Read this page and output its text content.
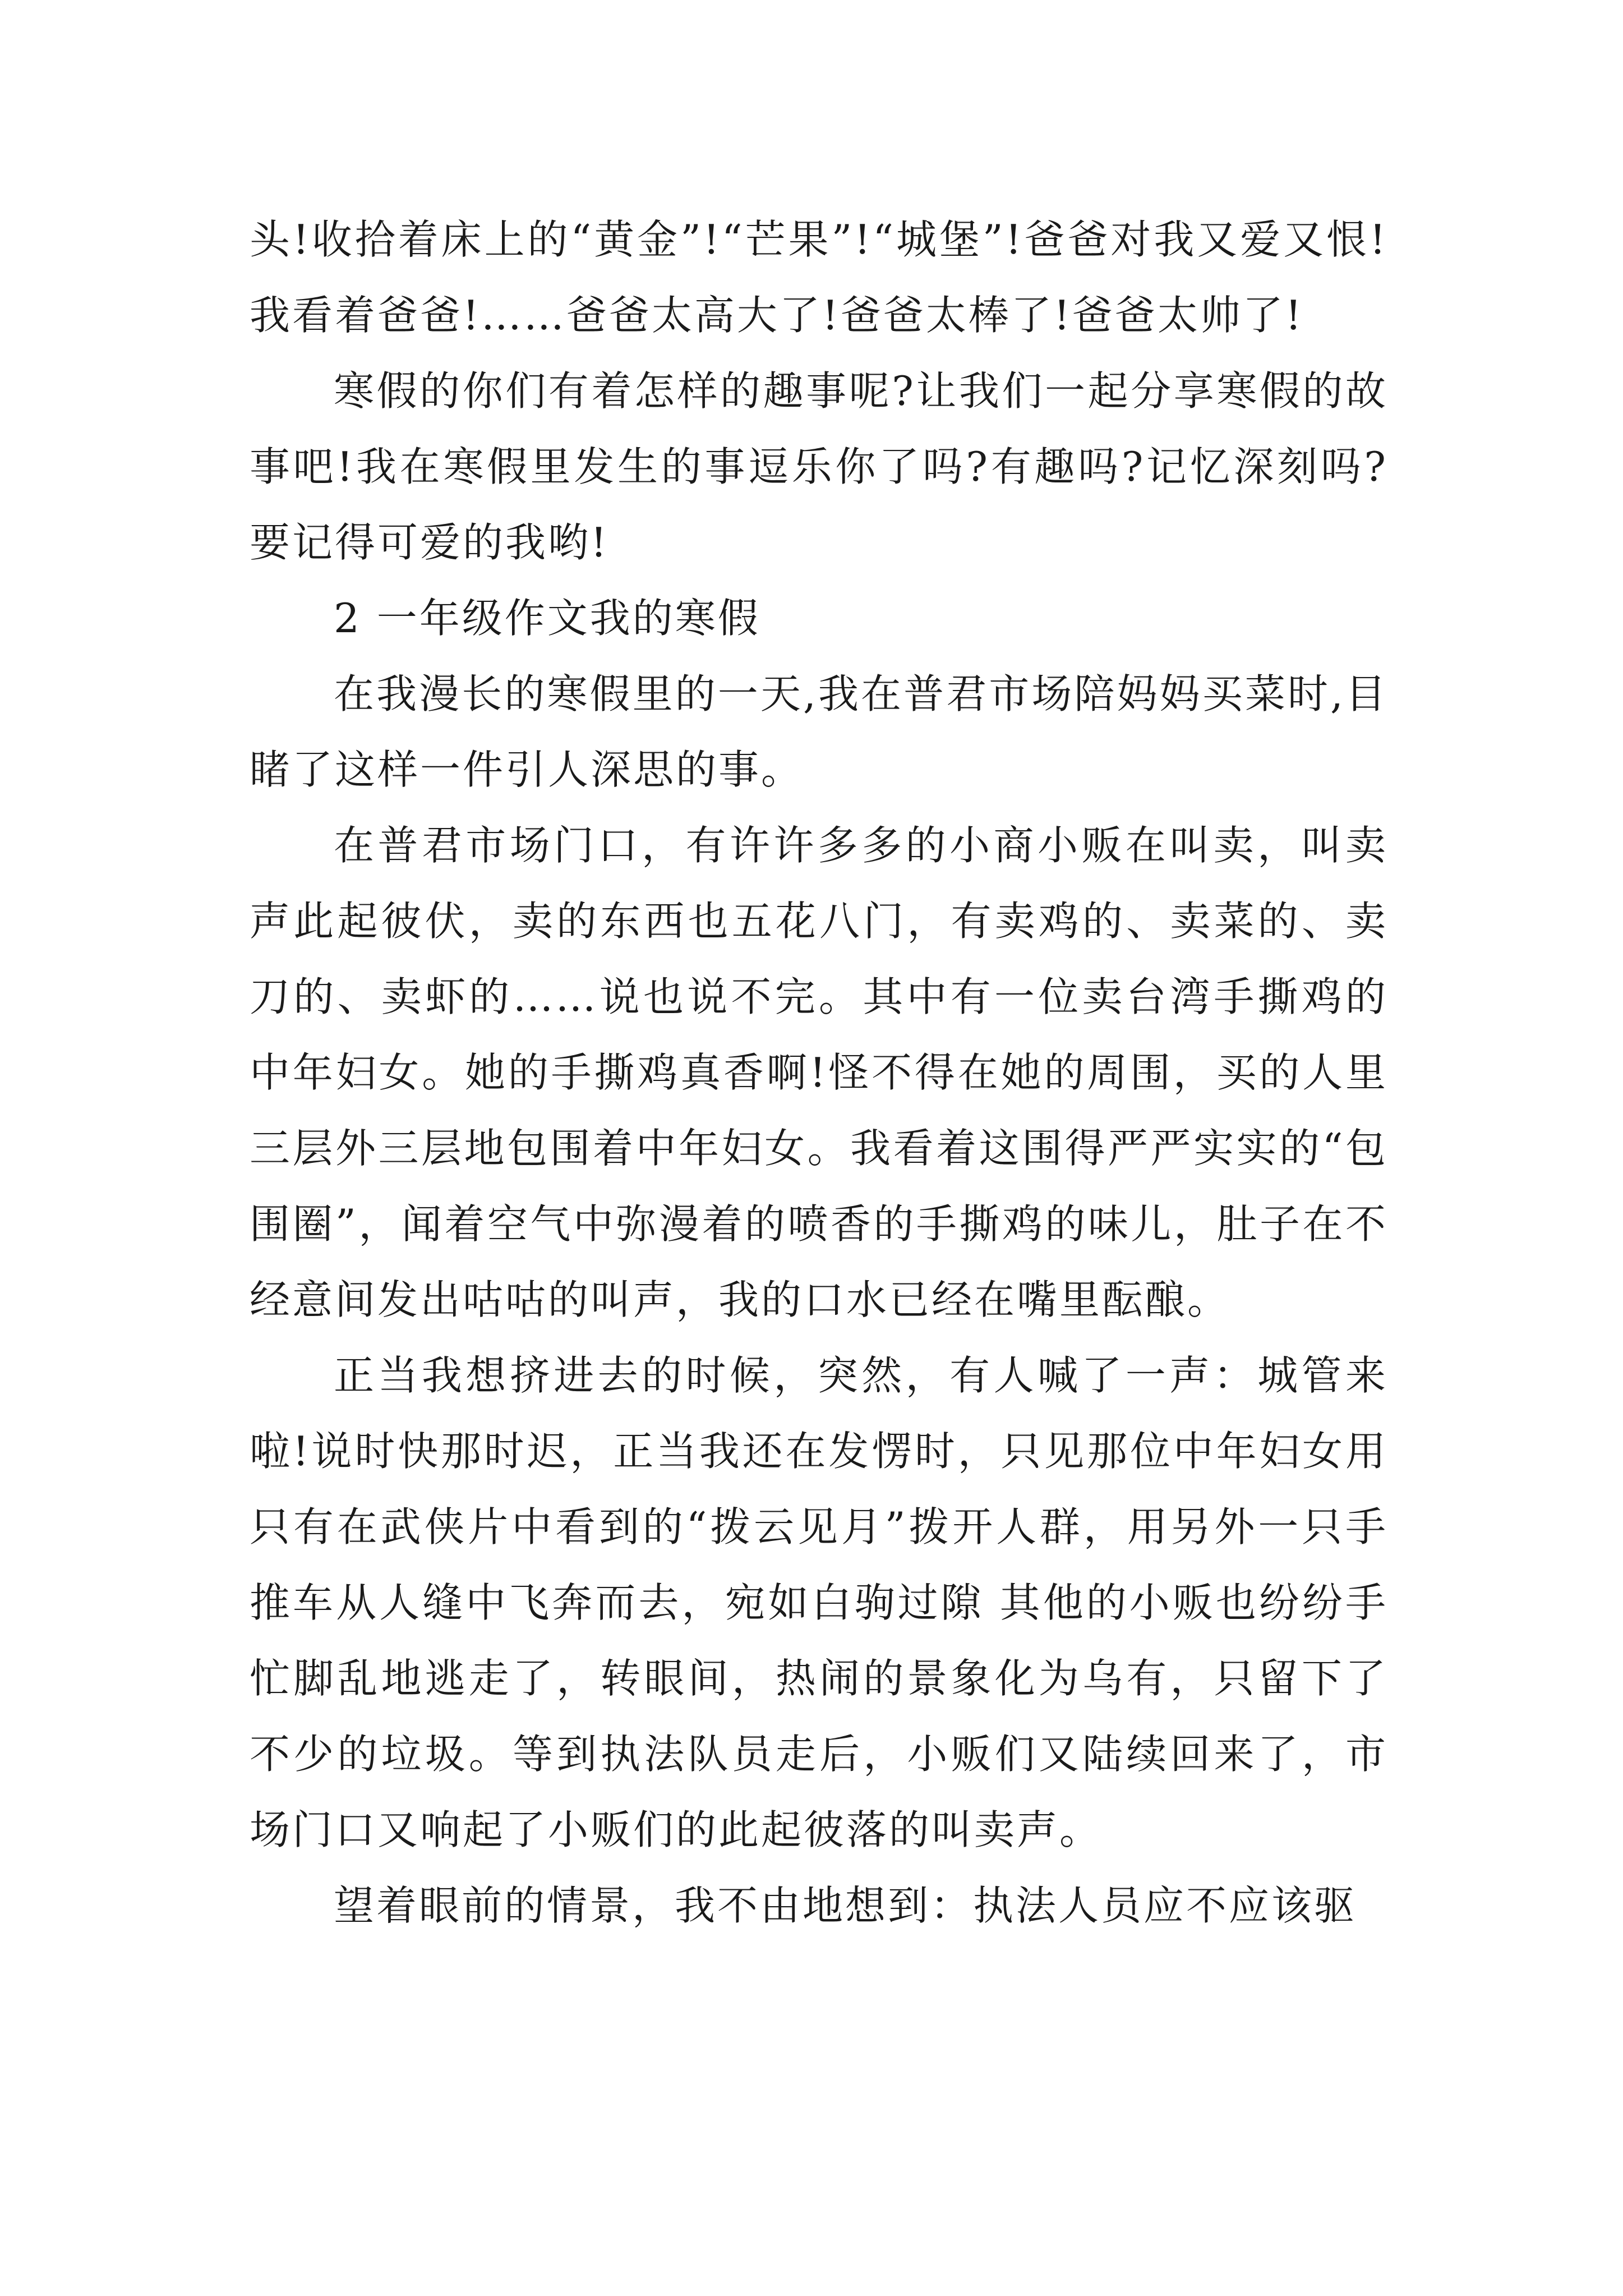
头!收拾着床上的“黄金”!“芒果”!“城堡”!爸爸对我又爱又恨!我看着爸爸!……爸爸太高大了!爸爸太棒了!爸爸太帅了!

寒假的你们有着怎样的趣事呢?让我们一起分享寒假的故事吧!我在寒假里发生的事逗乐你了吗?有趣吗?记忆深刻吗?要记得可爱的我哟!

2 一年级作文我的寒假

在我漫长的寒假里的一天,我在普君市场陪妈妈买菜时,目睹了这样一件引人深思的事。

在普君市场门口，有许许多多的小商小贩在叫卖，叫卖声此起彼伏，卖的东西也五花八门，有卖鸡的、卖菜的、卖刀的、卖虾的……说也说不完。其中有一位卖台湾手撕鸡的中年妇女。她的手撕鸡真香啊!怪不得在她的周围，买的人里三层外三层地包围着中年妇女。我看着这围得严严实实的“包围圈”，闻着空气中弥漫着的喷香的手撕鸡的味儿，肚子在不经意间发出咕咕的叫声，我的口水已经在嘴里酝酿。

正当我想挤进去的时候，突然，有人喊了一声：城管来啦!说时快那时迟，正当我还在发愣时，只见那位中年妇女用只有在武侠片中看到的“拨云见月”拨开人群，用另外一只手推车从人缝中飞奔而去，宛如白驹过隙 其他的小贩也纷纷手忙脚乱地逃走了，转眼间，热闹的景象化为乌有，只留下了不少的垃圾。等到执法队员走后，小贩们又陆续回来了，市场门口又响起了小贩们的此起彼落的叫卖声。

望着眼前的情景，我不由地想到：执法人员应不应该驱
